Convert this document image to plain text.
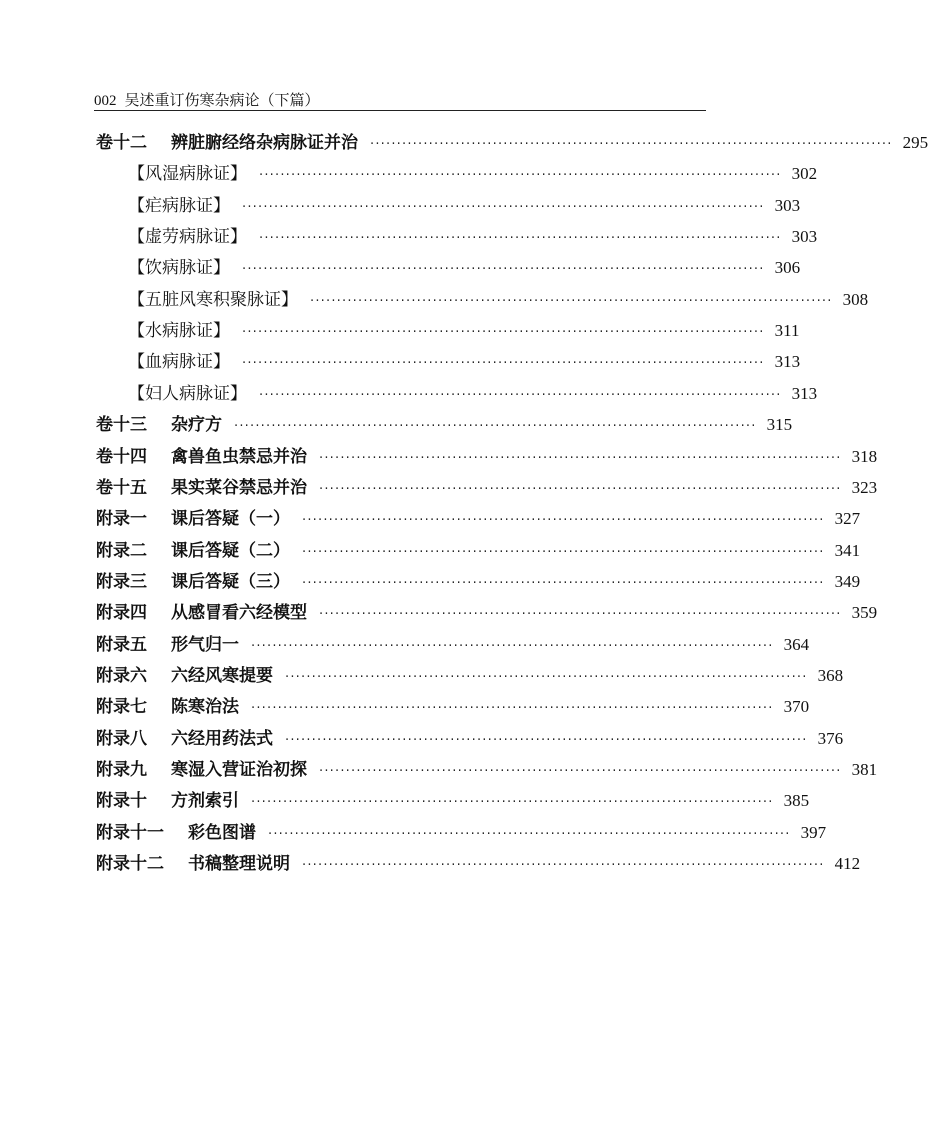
002 吴述重订伤寒杂病论（下篇）
卷十二 辨脏腑经络杂病脉证并治 ·································································································· 295
【风湿病脉证】 ·································································································· 302
【疟病脉证】 ·································································································· 303
【虚劳病脉证】 ·································································································· 303
【饮病脉证】 ·································································································· 306
【五脏风寒积聚脉证】 ·································································································· 308
【水病脉证】 ·································································································· 311
【血病脉证】 ·································································································· 313
【妇人病脉证】 ·································································································· 313
卷十三 杂疗方 ·································································································· 315
卷十四 禽兽鱼虫禁忌并治 ·································································································· 318
卷十五 果实菜谷禁忌并治 ·································································································· 323
附录一 课后答疑（一） ·································································································· 327
附录二 课后答疑（二） ·································································································· 341
附录三 课后答疑（三） ·································································································· 349
附录四 从感冒看六经模型 ·································································································· 359
附录五 形气归一 ·································································································· 364
附录六 六经风寒提要 ·································································································· 368
附录七 陈寒治法 ·································································································· 370
附录八 六经用药法式 ·································································································· 376
附录九 寒湿入营证治初探 ·································································································· 381
附录十 方剂索引 ·································································································· 385
附录十一 彩色图谱 ·································································································· 397
附录十二 书稿整理说明 ·································································································· 412
